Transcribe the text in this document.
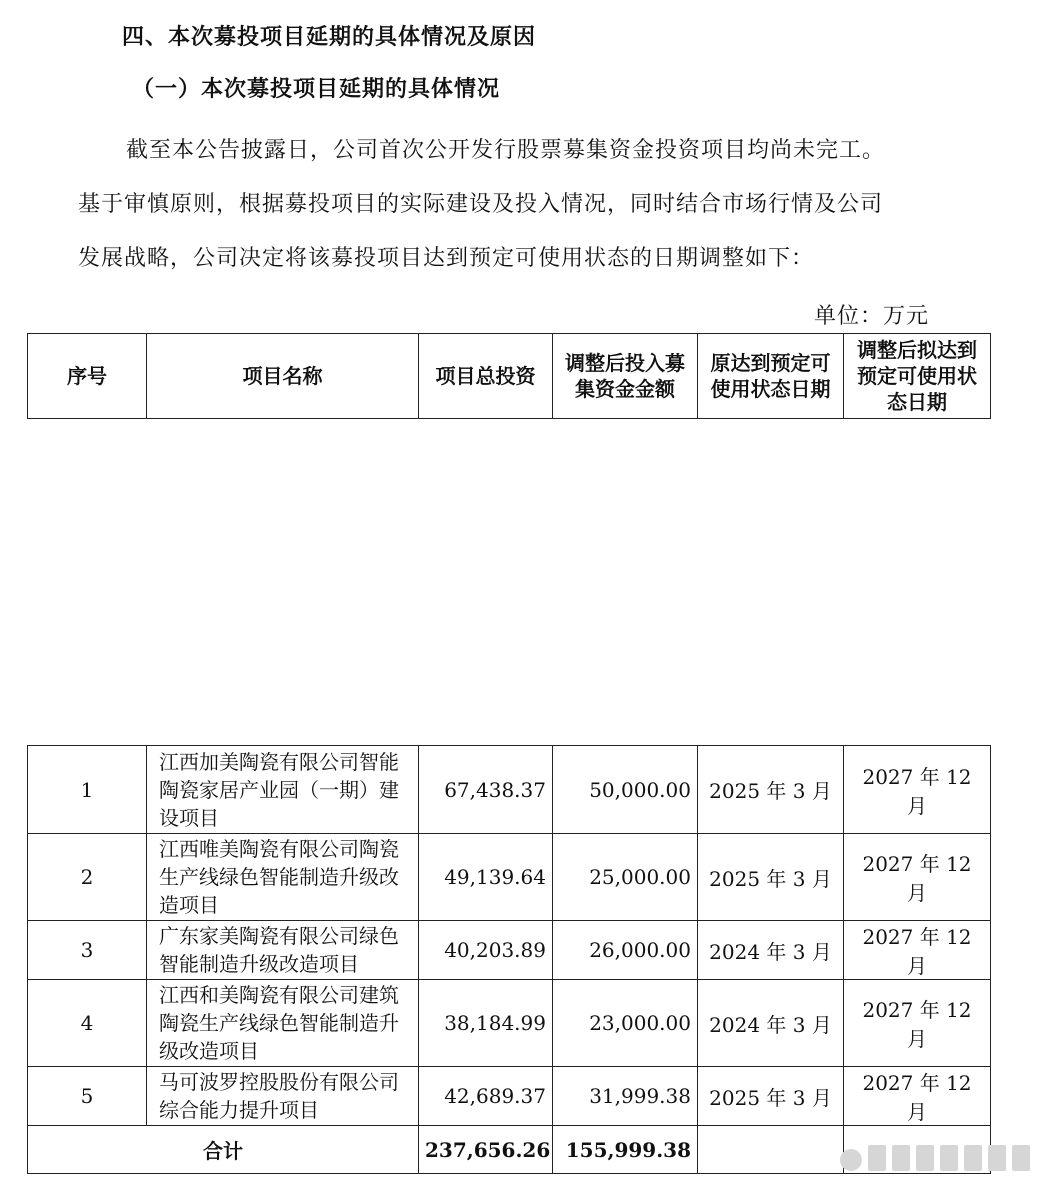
四、本次募投项目延期的具体情况及原因
（一）本次募投项目延期的具体情况
截至本公告披露日，公司首次公开发行股票募集资金投资项目均尚未完工。
基于审慎原则，根据募投项目的实际建设及投入情况，同时结合市场行情及公司
发展战略，公司决定将该募投项目达到预定可使用状态的日期调整如下：
单位：万元
序号	项目名称	项目总投资	调整后投入募集资金金额	原达到预定可使用状态日期	调整后拟达到预定可使用状态日期
1	江西加美陶瓷有限公司智能陶瓷家居产业园（一期）建设项目	67,438.37	50,000.00	2025 年 3 月	2027 年 12 月
2	江西唯美陶瓷有限公司陶瓷生产线绿色智能制造升级改造项目	49,139.64	25,000.00	2025 年 3 月	2027 年 12 月
3	广东家美陶瓷有限公司绿色智能制造升级改造项目	40,203.89	26,000.00	2024 年 3 月	2027 年 12 月
4	江西和美陶瓷有限公司建筑陶瓷生产线绿色智能制造升级改造项目	38,184.99	23,000.00	2024 年 3 月	2027 年 12 月
5	马可波罗控股股份有限公司综合能力提升项目	42,689.37	31,999.38	2025 年 3 月	2027 年 12 月
合计		237,656.26	155,999.38		
